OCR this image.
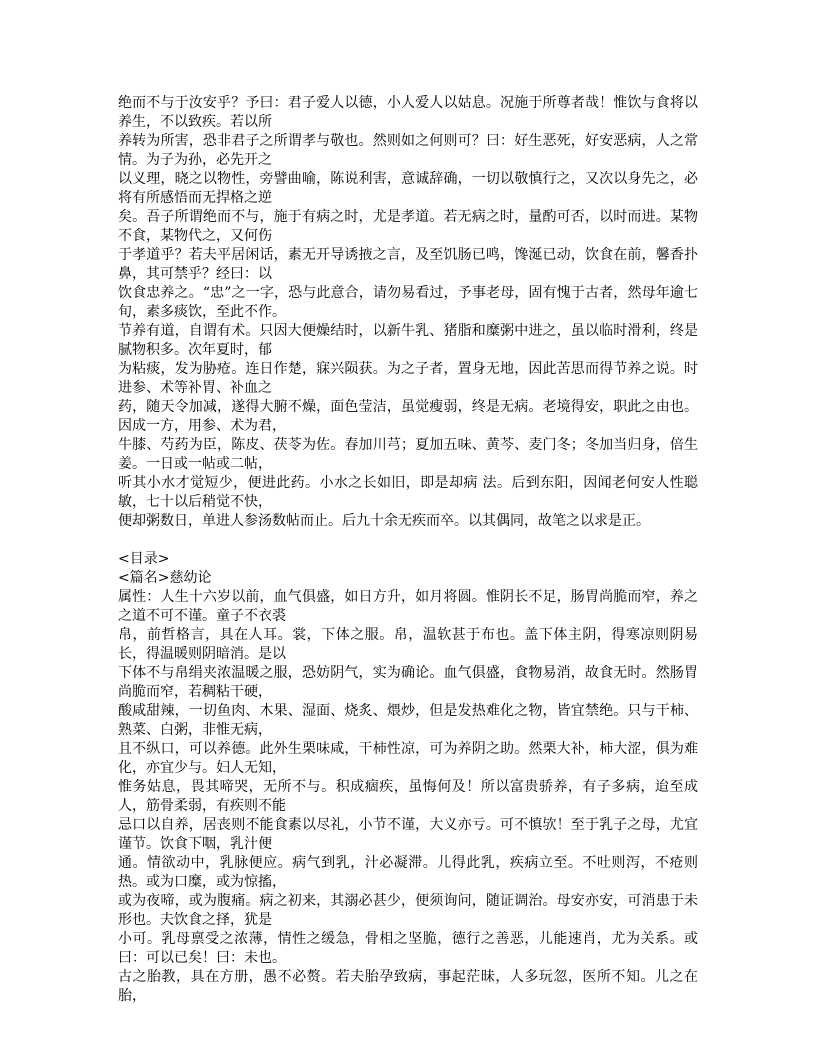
绝而不与于汝安乎？予曰：君子爱人以德，小人爱人以姑息。况施于所尊者哉！惟饮与食将以养生，不以致疾。若以所

养转为所害，恐非君子之所谓孝与敬也。然则如之何则可？曰：好生恶死，好安恶病，人之常情。为子为孙，必先开之

以义理，晓之以物性，旁譬曲喻，陈说利害，意诚辞确，一切以敬慎行之，又次以身先之，必将有所感悟而无捍格之逆

矣。吾子所谓绝而不与，施于有病之时，尤是孝道。若无病之时，量酌可否，以时而进。某物不食，某物代之，又何伤

于孝道乎？若夫平居闲话，素无开导诱掖之言，及至饥肠已鸣，馋涎已动，饮食在前，馨香扑鼻，其可禁乎？经曰：以

饮食忠养之。“忠”之一字，恐与此意合，请勿易看过，予事老母，固有愧于古者，然母年逾七旬，素多痰饮，至此不作。

节养有道，自谓有术。只因大便燥结时，以新牛乳、猪脂和糜粥中进之，虽以临时滑利，终是腻物积多。次年夏时，郁

为粘痰，发为胁疮。连日作楚，寐兴陨获。为之子者，置身无地，因此苦思而得节养之说。时进参、术等补胃、补血之

药，随天令加减，遂得大腑不燥，面色莹洁，虽觉瘦弱，终是无病。老境得安，职此之由也。因成一方，用参、术为君，

牛膝、芍药为臣，陈皮、茯苓为佐。春加川芎；夏加五味、黄芩、麦门冬；冬加当归身，倍生姜。一日或一帖或二帖，

听其小水才觉短少，便进此药。小水之长如旧，即是却病 法。后到东阳，因闻老何安人性聪敏，七十以后稍觉不快，

便却粥数日，单进人参汤数帖而止。后九十余无疾而卒。以其偶同，故笔之以求是正。

<目录>

<篇名>慈幼论

属性：人生十六岁以前，血气俱盛，如日方升，如月将圆。惟阴长不足，肠胃尚脆而窄，养之之道不可不谨。童子不衣裘

帛，前哲格言，具在人耳。裳，下体之服。帛，温软甚于布也。盖下体主阴，得寒凉则阴易长，得温暖则阴暗消。是以

下体不与帛绢夹浓温暖之服，恐妨阴气，实为确论。血气俱盛，食物易消，故食无时。然肠胃尚脆而窄，若稠粘干硬，

酸咸甜辣，一切鱼肉、木果、湿面、烧炙、煨炒，但是发热难化之物，皆宜禁绝。只与干柿、熟菜、白粥，非惟无病，

且不纵口，可以养德。此外生栗味咸，干柿性凉，可为养阴之助。然栗大补，柿大涩，俱为难化，亦宜少与。妇人无知，

惟务姑息，畏其啼哭，无所不与。积成痼疾，虽悔何及！所以富贵骄养，有子多病，迨至成人，筋骨柔弱，有疾则不能

忌口以自养，居丧则不能食素以尽礼，小节不谨，大义亦亏。可不慎欤！至于乳子之母，尤宜谨节。饮食下咽，乳汁便

通。情欲动中，乳脉便应。病气到乳，汁必凝滞。儿得此乳，疾病立至。不吐则泻，不疮则热。或为口糜，或为惊搐，

或为夜啼，或为腹痛。病之初来，其溺必甚少，便须询问，随证调治。母安亦安，可消患于未形也。夫饮食之择，犹是

小可。乳母禀受之浓薄，情性之缓急，骨相之坚脆，德行之善恶，儿能速肖，尤为关系。或曰：可以已矣！曰：未也。

古之胎教，具在方册，愚不必赘。若夫胎孕致病，事起茫昧，人多玩忽，医所不知。儿之在胎，
